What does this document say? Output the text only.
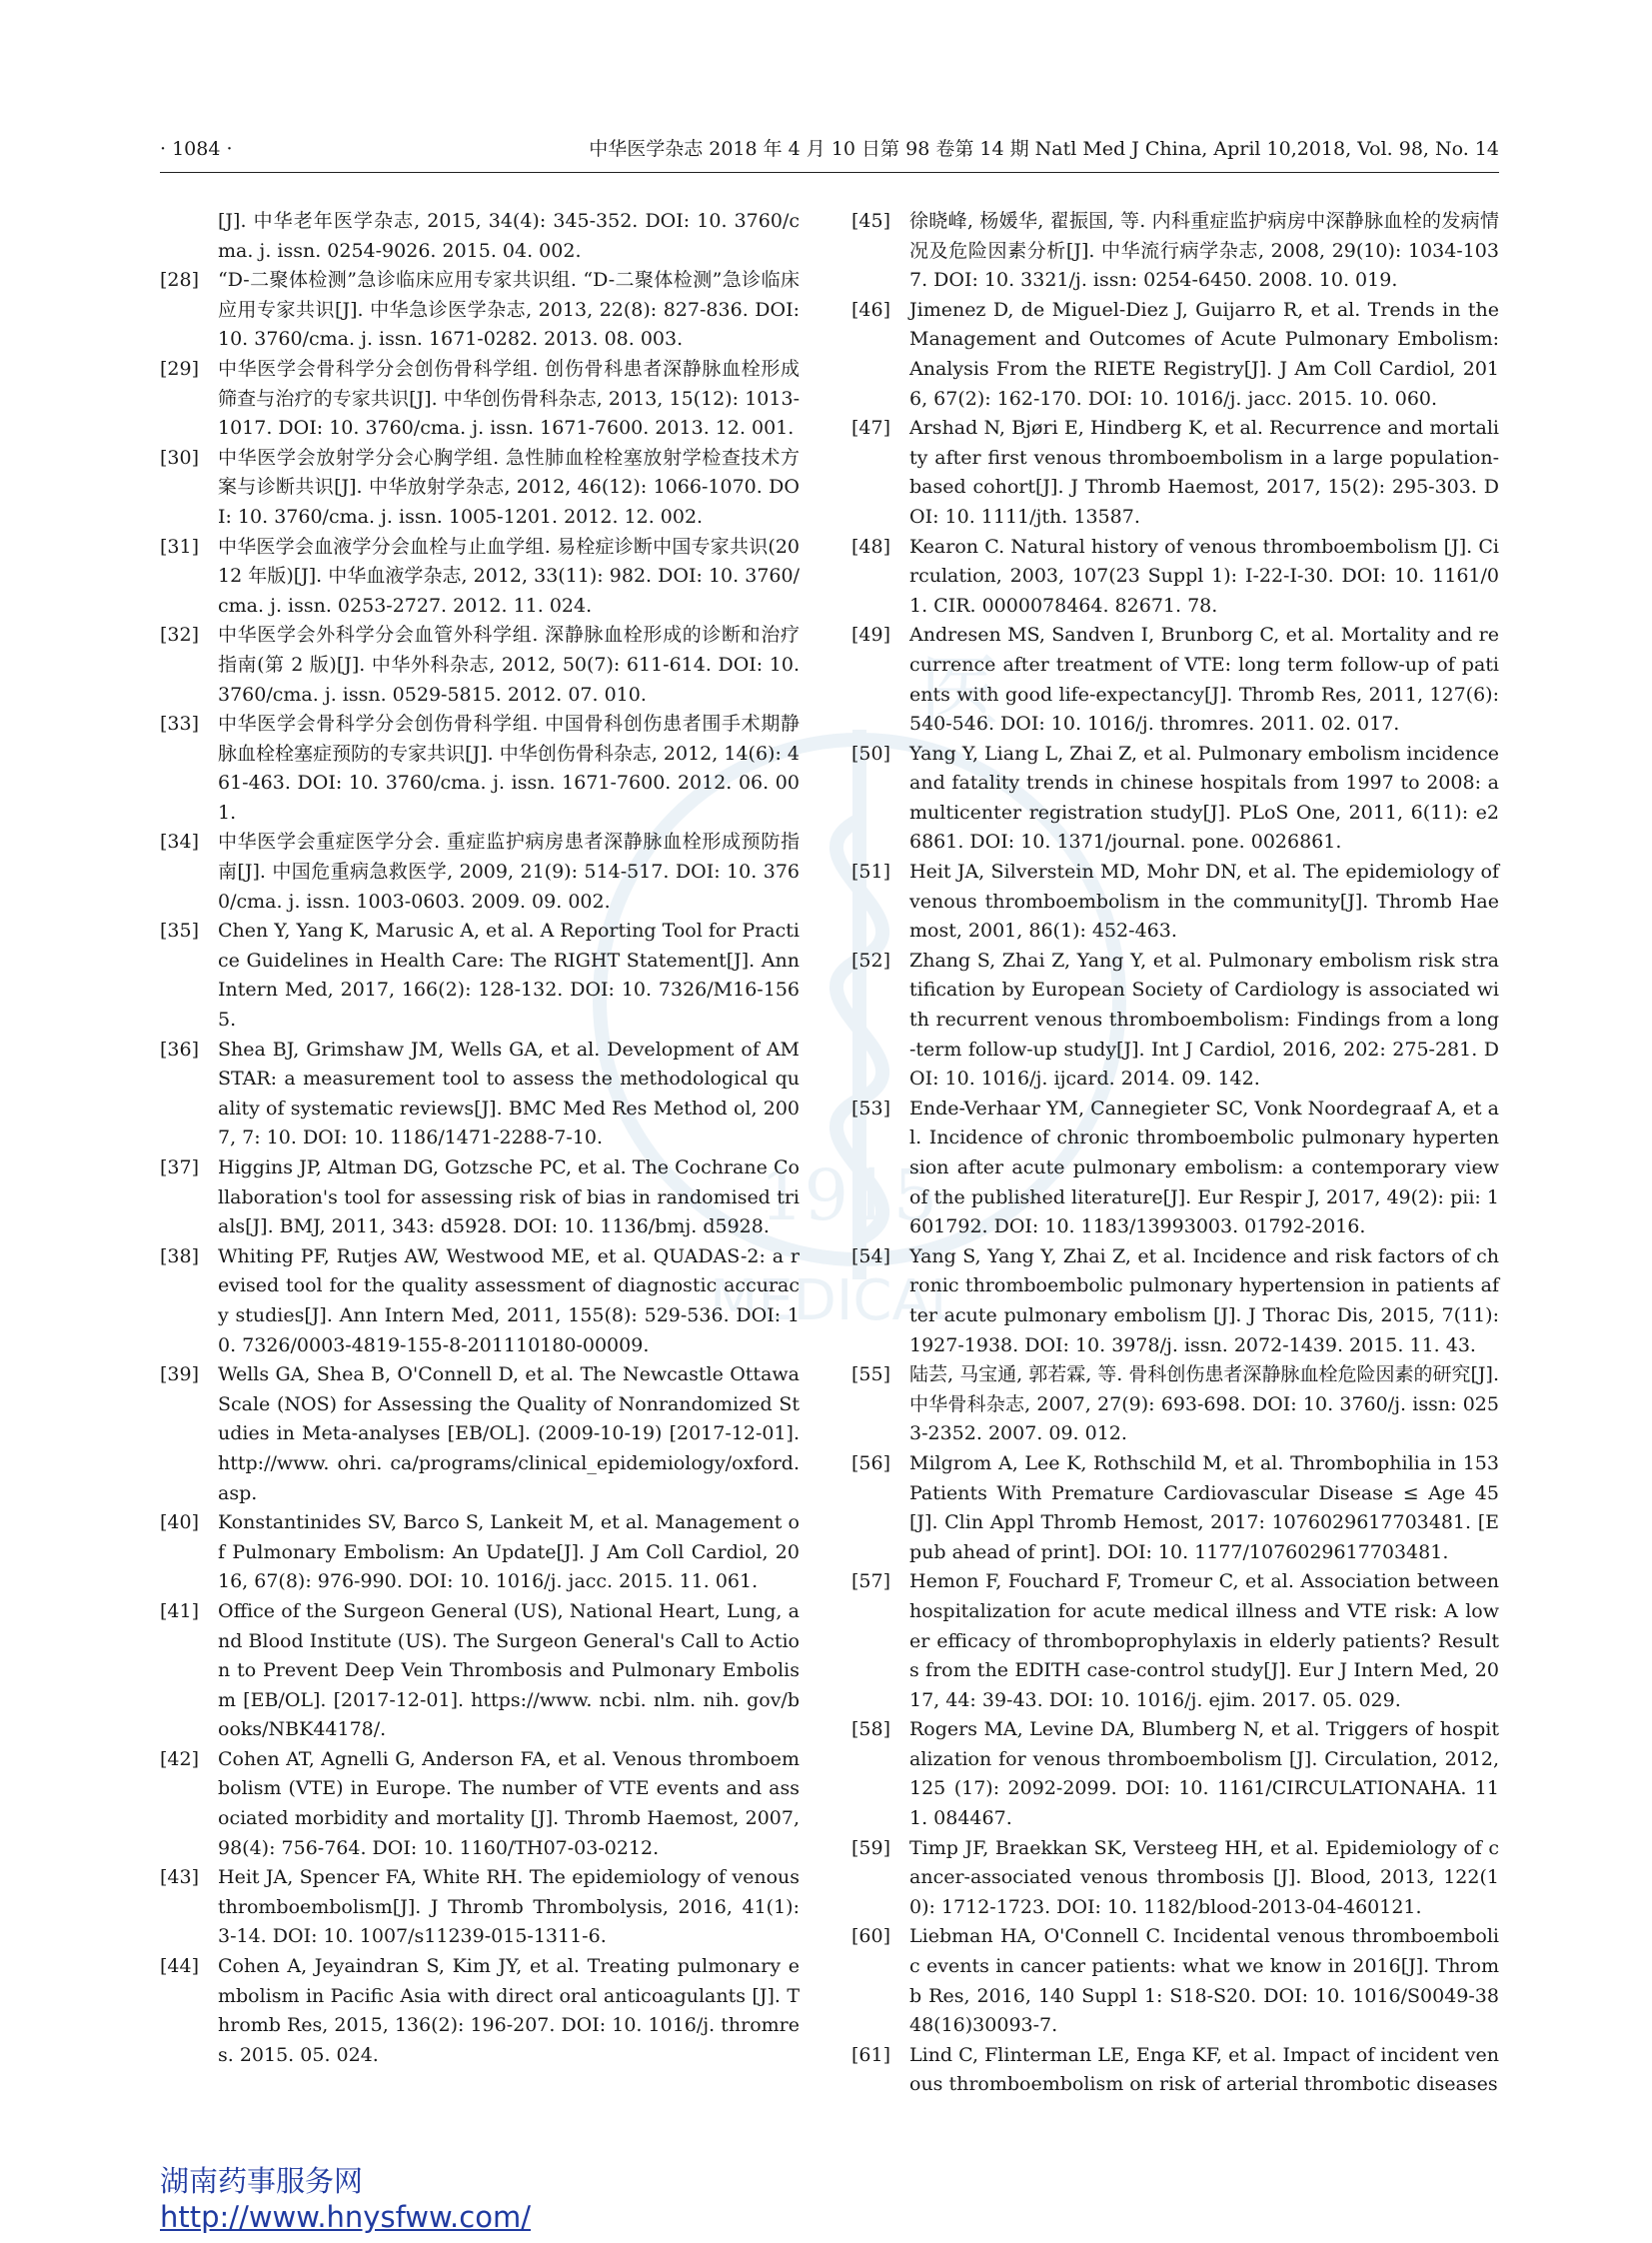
医
1915
MEDICAL
· 1084 ·	中华医学杂志 2018 年 4 月 10 日第 98 卷第 14 期 Natl Med J China, April 10,2018, Vol. 98, No. 14

[J]. 中华老年医学杂志, 2015, 34(4): 345-352. DOI: 10. 3760/cma. j. issn. 0254-9026. 2015. 04. 002.

[28] “D-二聚体检测”急诊临床应用专家共识组. “D-二聚体检测”急诊临床应用专家共识[J]. 中华急诊医学杂志, 2013, 22(8): 827-836. DOI: 10. 3760/cma. j. issn. 1671-0282. 2013. 08. 003.

[29] 中华医学会骨科学分会创伤骨科学组. 创伤骨科患者深静脉血栓形成筛查与治疗的专家共识[J]. 中华创伤骨科杂志, 2013, 15(12): 1013-1017. DOI: 10. 3760/cma. j. issn. 1671-7600. 2013. 12. 001.

[30] 中华医学会放射学分会心胸学组. 急性肺血栓栓塞放射学检查技术方案与诊断共识[J]. 中华放射学杂志, 2012, 46(12): 1066-1070. DOI: 10. 3760/cma. j. issn. 1005-1201. 2012. 12. 002.

[31] 中华医学会血液学分会血栓与止血学组. 易栓症诊断中国专家共识(2012 年版)[J]. 中华血液学杂志, 2012, 33(11): 982. DOI: 10. 3760/cma. j. issn. 0253-2727. 2012. 11. 024.

[32] 中华医学会外科学分会血管外科学组. 深静脉血栓形成的诊断和治疗指南(第 2 版)[J]. 中华外科杂志, 2012, 50(7): 611-614. DOI: 10. 3760/cma. j. issn. 0529-5815. 2012. 07. 010.

[33] 中华医学会骨科学分会创伤骨科学组. 中国骨科创伤患者围手术期静脉血栓栓塞症预防的专家共识[J]. 中华创伤骨科杂志, 2012, 14(6): 461-463. DOI: 10. 3760/cma. j. issn. 1671-7600. 2012. 06. 001.

[34] 中华医学会重症医学分会. 重症监护病房患者深静脉血栓形成预防指南[J]. 中国危重病急救医学, 2009, 21(9): 514-517. DOI: 10. 3760/cma. j. issn. 1003-0603. 2009. 09. 002.

[35] Chen Y, Yang K, Marusic A, et al. A Reporting Tool for Practice Guidelines in Health Care: The RIGHT Statement[J]. Ann Intern Med, 2017, 166(2): 128-132. DOI: 10. 7326/M16-1565.

[36] Shea BJ, Grimshaw JM, Wells GA, et al. Development of AMSTAR: a measurement tool to assess the methodological quality of systematic reviews[J]. BMC Med Res Method ol, 2007, 7: 10. DOI: 10. 1186/1471-2288-7-10.

[37] Higgins JP, Altman DG, Gotzsche PC, et al. The Cochrane Collaboration's tool for assessing risk of bias in randomised trials[J]. BMJ, 2011, 343: d5928. DOI: 10. 1136/bmj. d5928.

[38] Whiting PF, Rutjes AW, Westwood ME, et al. QUADAS-2: a revised tool for the quality assessment of diagnostic accuracy studies[J]. Ann Intern Med, 2011, 155(8): 529-536. DOI: 10. 7326/0003-4819-155-8-201110180-00009.

[39] Wells GA, Shea B, O'Connell D, et al. The Newcastle Ottawa Scale (NOS) for Assessing the Quality of Nonrandomized Studies in Meta-analyses [EB/OL]. (2009-10-19) [2017-12-01]. http://www. ohri. ca/programs/clinical_epidemiology/oxford. asp.

[40] Konstantinides SV, Barco S, Lankeit M, et al. Management of Pulmonary Embolism: An Update[J]. J Am Coll Cardiol, 2016, 67(8): 976-990. DOI: 10. 1016/j. jacc. 2015. 11. 061.

[41] Office of the Surgeon General (US), National Heart, Lung, and Blood Institute (US). The Surgeon General's Call to Action to Prevent Deep Vein Thrombosis and Pulmonary Embolism [EB/OL]. [2017-12-01]. https://www. ncbi. nlm. nih. gov/books/NBK44178/.

[42] Cohen AT, Agnelli G, Anderson FA, et al. Venous thromboembolism (VTE) in Europe. The number of VTE events and associated morbidity and mortality [J]. Thromb Haemost, 2007, 98(4): 756-764. DOI: 10. 1160/TH07-03-0212.

[43] Heit JA, Spencer FA, White RH. The epidemiology of venous thromboembolism[J]. J Thromb Thrombolysis, 2016, 41(1): 3-14. DOI: 10. 1007/s11239-015-1311-6.

[44] Cohen A, Jeyaindran S, Kim JY, et al. Treating pulmonary embolism in Pacific Asia with direct oral anticoagulants [J]. Thromb Res, 2015, 136(2): 196-207. DOI: 10. 1016/j. thromres. 2015. 05. 024.

[45] 徐晓峰, 杨媛华, 翟振国, 等. 内科重症监护病房中深静脉血栓的发病情况及危险因素分析[J]. 中华流行病学杂志, 2008, 29(10): 1034-1037. DOI: 10. 3321/j. issn: 0254-6450. 2008. 10. 019.

[46] Jimenez D, de Miguel-Diez J, Guijarro R, et al. Trends in the Management and Outcomes of Acute Pulmonary Embolism: Analysis From the RIETE Registry[J]. J Am Coll Cardiol, 2016, 67(2): 162-170. DOI: 10. 1016/j. jacc. 2015. 10. 060.

[47] Arshad N, Bjøri E, Hindberg K, et al. Recurrence and mortality after first venous thromboembolism in a large population-based cohort[J]. J Thromb Haemost, 2017, 15(2): 295-303. DOI: 10. 1111/jth. 13587.

[48] Kearon C. Natural history of venous thromboembolism [J]. Circulation, 2003, 107(23 Suppl 1): I-22-I-30. DOI: 10. 1161/01. CIR. 0000078464. 82671. 78.

[49] Andresen MS, Sandven I, Brunborg C, et al. Mortality and recurrence after treatment of VTE: long term follow-up of patients with good life-expectancy[J]. Thromb Res, 2011, 127(6): 540-546. DOI: 10. 1016/j. thromres. 2011. 02. 017.

[50] Yang Y, Liang L, Zhai Z, et al. Pulmonary embolism incidence and fatality trends in chinese hospitals from 1997 to 2008: a multicenter registration study[J]. PLoS One, 2011, 6(11): e26861. DOI: 10. 1371/journal. pone. 0026861.

[51] Heit JA, Silverstein MD, Mohr DN, et al. The epidemiology of venous thromboembolism in the community[J]. Thromb Haemost, 2001, 86(1): 452-463.

[52] Zhang S, Zhai Z, Yang Y, et al. Pulmonary embolism risk stratification by European Society of Cardiology is associated with recurrent venous thromboembolism: Findings from a long-term follow-up study[J]. Int J Cardiol, 2016, 202: 275-281. DOI: 10. 1016/j. ijcard. 2014. 09. 142.

[53] Ende-Verhaar YM, Cannegieter SC, Vonk Noordegraaf A, et al. Incidence of chronic thromboembolic pulmonary hypertension after acute pulmonary embolism: a contemporary view of the published literature[J]. Eur Respir J, 2017, 49(2): pii: 1601792. DOI: 10. 1183/13993003. 01792-2016.

[54] Yang S, Yang Y, Zhai Z, et al. Incidence and risk factors of chronic thromboembolic pulmonary hypertension in patients after acute pulmonary embolism [J]. J Thorac Dis, 2015, 7(11): 1927-1938. DOI: 10. 3978/j. issn. 2072-1439. 2015. 11. 43.

[55] 陆芸, 马宝通, 郭若霖, 等. 骨科创伤患者深静脉血栓危险因素的研究[J]. 中华骨科杂志, 2007, 27(9): 693-698. DOI: 10. 3760/j. issn: 0253-2352. 2007. 09. 012.

[56] Milgrom A, Lee K, Rothschild M, et al. Thrombophilia in 153 Patients With Premature Cardiovascular Disease ≤ Age 45 [J]. Clin Appl Thromb Hemost, 2017: 1076029617703481. [Epub ahead of print]. DOI: 10. 1177/1076029617703481.

[57] Hemon F, Fouchard F, Tromeur C, et al. Association between hospitalization for acute medical illness and VTE risk: A lower efficacy of thromboprophylaxis in elderly patients? Results from the EDITH case-control study[J]. Eur J Intern Med, 2017, 44: 39-43. DOI: 10. 1016/j. ejim. 2017. 05. 029.

[58] Rogers MA, Levine DA, Blumberg N, et al. Triggers of hospitalization for venous thromboembolism [J]. Circulation, 2012, 125 (17): 2092-2099. DOI: 10. 1161/CIRCULATIONAHA. 111. 084467.

[59] Timp JF, Braekkan SK, Versteeg HH, et al. Epidemiology of cancer-associated venous thrombosis [J]. Blood, 2013, 122(10): 1712-1723. DOI: 10. 1182/blood-2013-04-460121.

[60] Liebman HA, O'Connell C. Incidental venous thromboembolic events in cancer patients: what we know in 2016[J]. Thromb Res, 2016, 140 Suppl 1: S18-S20. DOI: 10. 1016/S0049-3848(16)30093-7.

[61] Lind C, Flinterman LE, Enga KF, et al. Impact of incident venous thromboembolism on risk of arterial thrombotic diseases

湖南药事服务网
http://www.hnysfww.com/
